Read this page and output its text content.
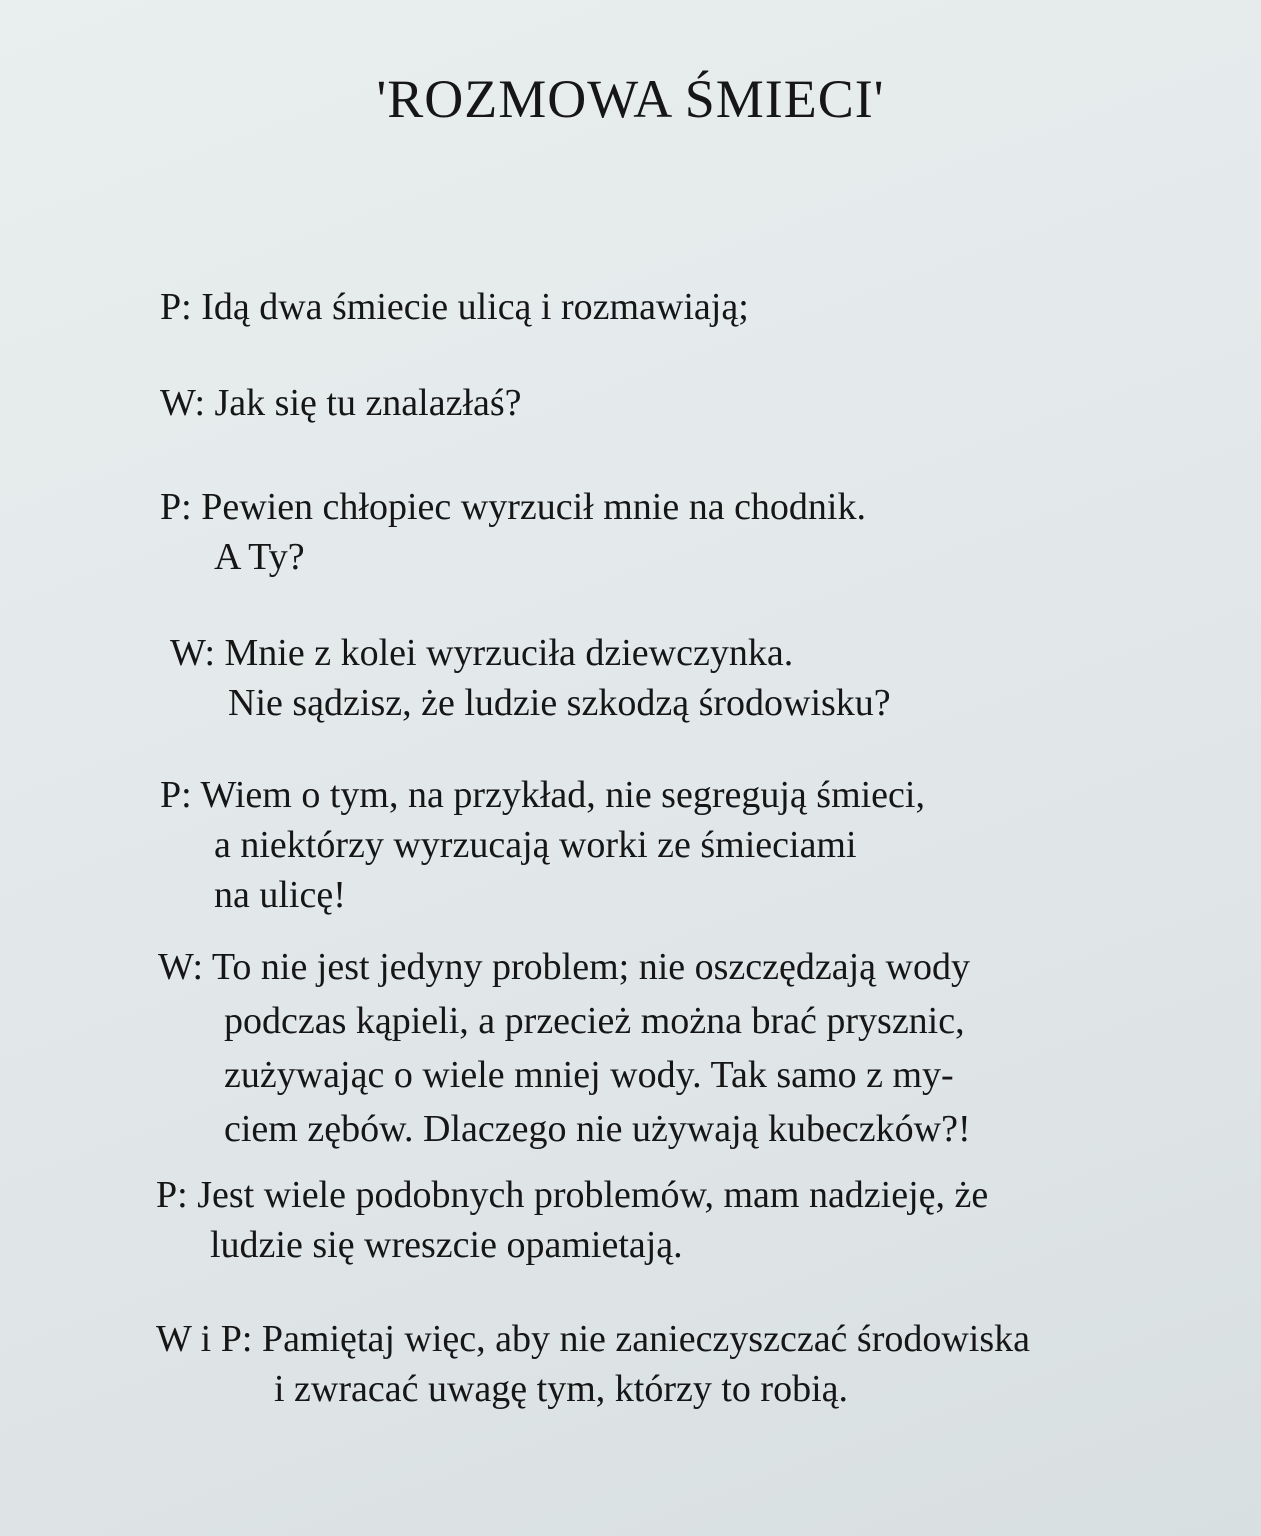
'ROZMOWA ŚMIECI'
P: Idą dwa śmiecie ulicą i rozmawiają;
W: Jak się tu znalazłaś?
P: Pewien chłopiec wyrzucił mnie na chodnik.
A Ty?
W: Mnie z kolei wyrzuciła dziewczynka.
Nie sądzisz, że ludzie szkodzą środowisku?
P: Wiem o tym, na przykład, nie segregują śmieci,
a niektórzy wyrzucają worki ze śmieciami
na ulicę!
W: To nie jest jedyny problem; nie oszczędzają wody
podczas kąpieli, a przecież można brać prysznic,
zużywając o wiele mniej wody. Tak samo z my-
ciem zębów. Dlaczego nie używają kubeczków?!
P: Jest wiele podobnych problemów, mam nadzieję, że
ludzie się wreszcie opamietają.
W i P: Pamiętaj więc, aby nie zanieczyszczać środowiska
i zwracać uwagę tym, którzy to robią.
